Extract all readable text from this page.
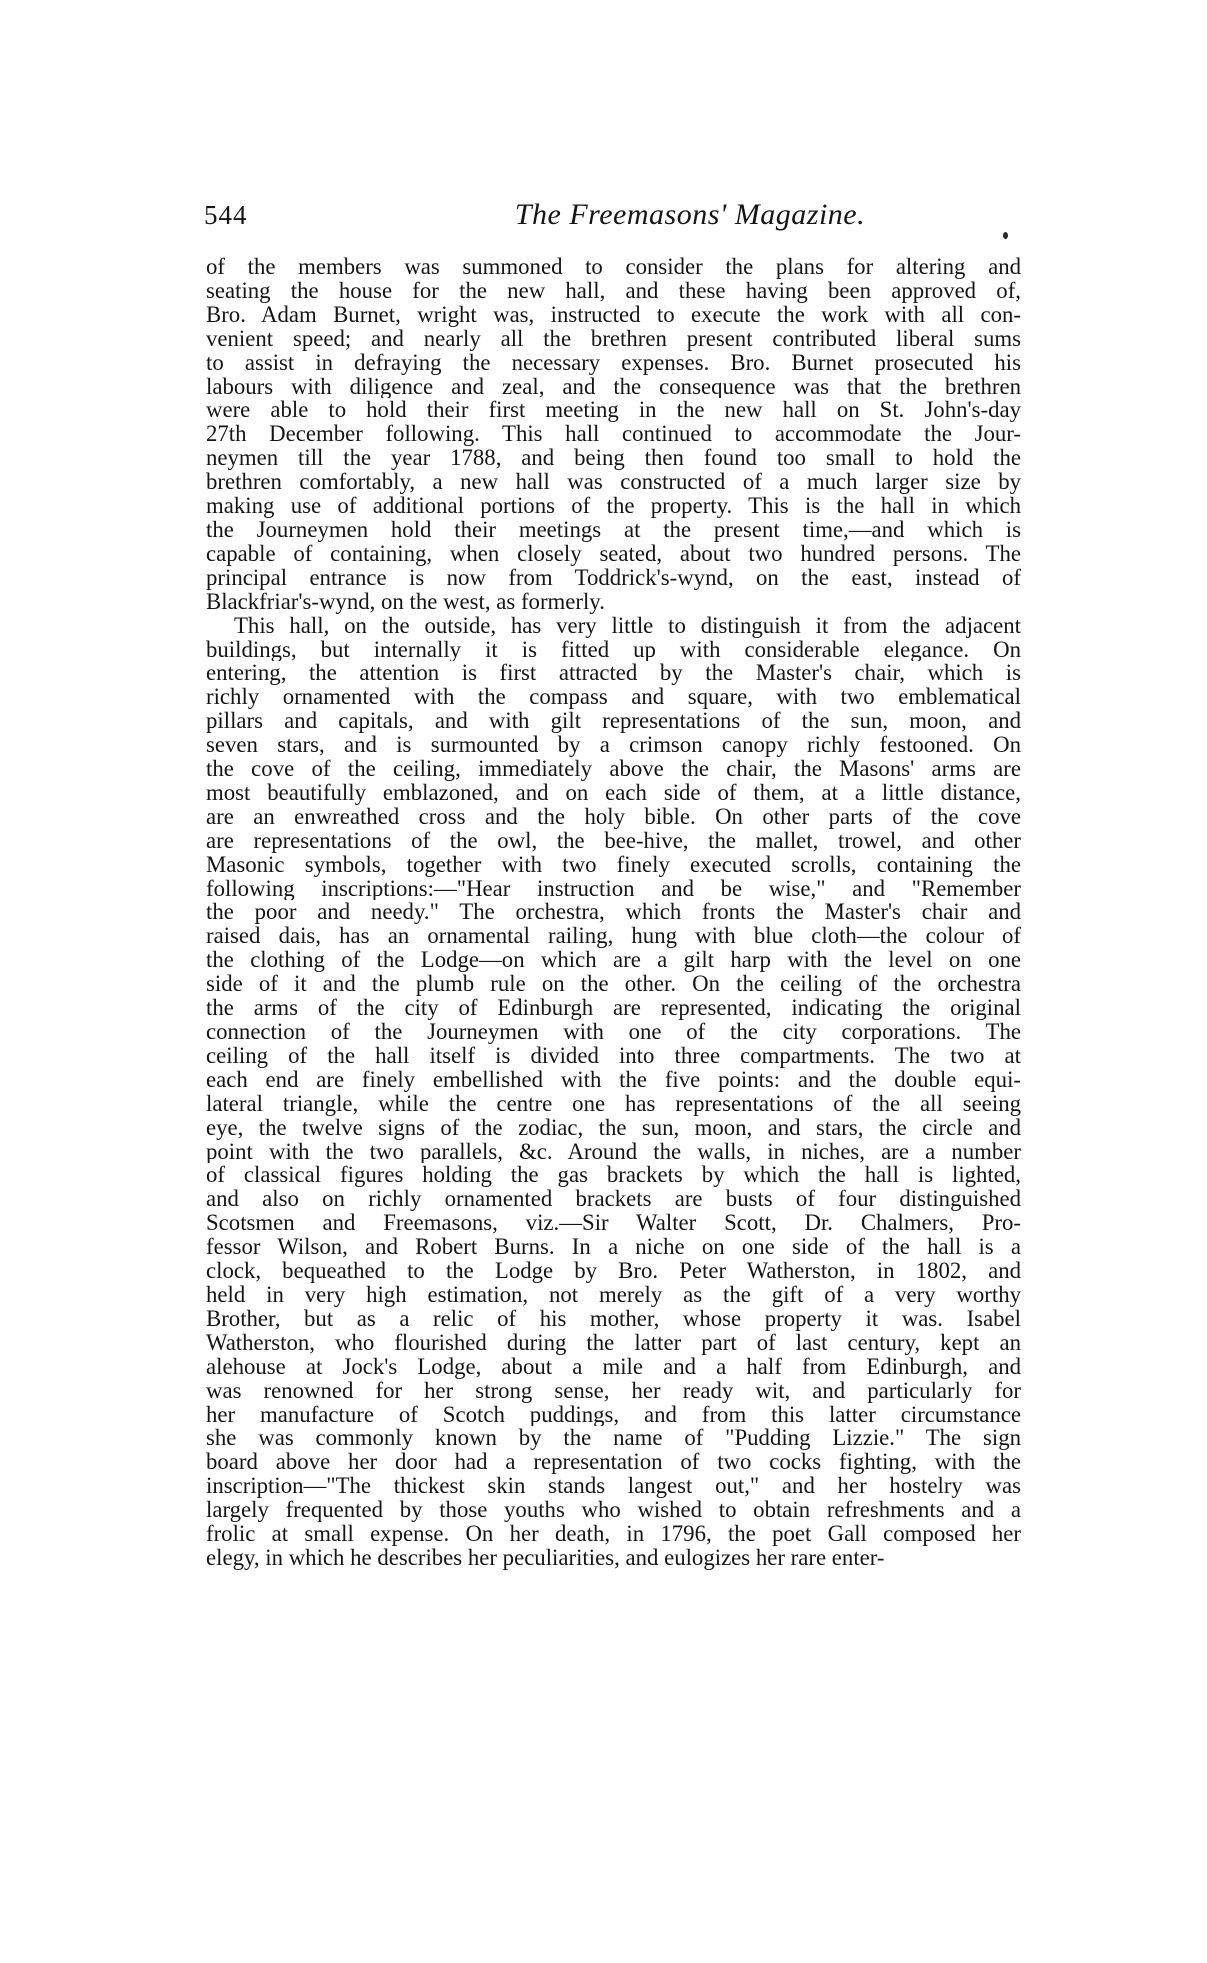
544	The Freemasons' Magazine.
of the members was summoned to consider the plans for altering and
seating the house for the new hall, and these having been approved of,
Bro. Adam Burnet, wright was, instructed to execute the work with all con-
venient speed; and nearly all the brethren present contributed liberal sums
to assist in defraying the necessary expenses. Bro. Burnet prosecuted his
labours with diligence and zeal, and the consequence was that the brethren
were able to hold their first meeting in the new hall on St. John's-day
27th December following. This hall continued to accommodate the Jour-
neymen till the year 1788, and being then found too small to hold the
brethren comfortably, a new hall was constructed of a much larger size by
making use of additional portions of the property. This is the hall in which
the Journeymen hold their meetings at the present time,—and which is
capable of containing, when closely seated, about two hundred persons. The
principal entrance is now from Toddrick's-wynd, on the east, instead of
Blackfriar's-wynd, on the west, as formerly.
This hall, on the outside, has very little to distinguish it from the adjacent
buildings, but internally it is fitted up with considerable elegance. On
entering, the attention is first attracted by the Master's chair, which is
richly ornamented with the compass and square, with two emblematical
pillars and capitals, and with gilt representations of the sun, moon, and
seven stars, and is surmounted by a crimson canopy richly festooned. On
the cove of the ceiling, immediately above the chair, the Masons' arms are
most beautifully emblazoned, and on each side of them, at a little distance,
are an enwreathed cross and the holy bible. On other parts of the cove
are representations of the owl, the bee-hive, the mallet, trowel, and other
Masonic symbols, together with two finely executed scrolls, containing the
following inscriptions:—"Hear instruction and be wise," and "Remember
the poor and needy." The orchestra, which fronts the Master's chair and
raised dais, has an ornamental railing, hung with blue cloth—the colour of
the clothing of the Lodge—on which are a gilt harp with the level on one
side of it and the plumb rule on the other. On the ceiling of the orchestra
the arms of the city of Edinburgh are represented, indicating the original
connection of the Journeymen with one of the city corporations. The
ceiling of the hall itself is divided into three compartments. The two at
each end are finely embellished with the five points: and the double equi-
lateral triangle, while the centre one has representations of the all seeing
eye, the twelve signs of the zodiac, the sun, moon, and stars, the circle and
point with the two parallels, &c. Around the walls, in niches, are a number
of classical figures holding the gas brackets by which the hall is lighted,
and also on richly ornamented brackets are busts of four distinguished
Scotsmen and Freemasons, viz.—Sir Walter Scott, Dr. Chalmers, Pro-
fessor Wilson, and Robert Burns. In a niche on one side of the hall is a
clock, bequeathed to the Lodge by Bro. Peter Watherston, in 1802, and
held in very high estimation, not merely as the gift of a very worthy
Brother, but as a relic of his mother, whose property it was. Isabel
Watherston, who flourished during the latter part of last century, kept an
alehouse at Jock's Lodge, about a mile and a half from Edinburgh, and
was renowned for her strong sense, her ready wit, and particularly for
her manufacture of Scotch puddings, and from this latter circumstance
she was commonly known by the name of "Pudding Lizzie." The sign
board above her door had a representation of two cocks fighting, with the
inscription—"The thickest skin stands langest out," and her hostelry was
largely frequented by those youths who wished to obtain refreshments and a
frolic at small expense. On her death, in 1796, the poet Gall composed her
elegy, in which he describes her peculiarities, and eulogizes her rare enter-
